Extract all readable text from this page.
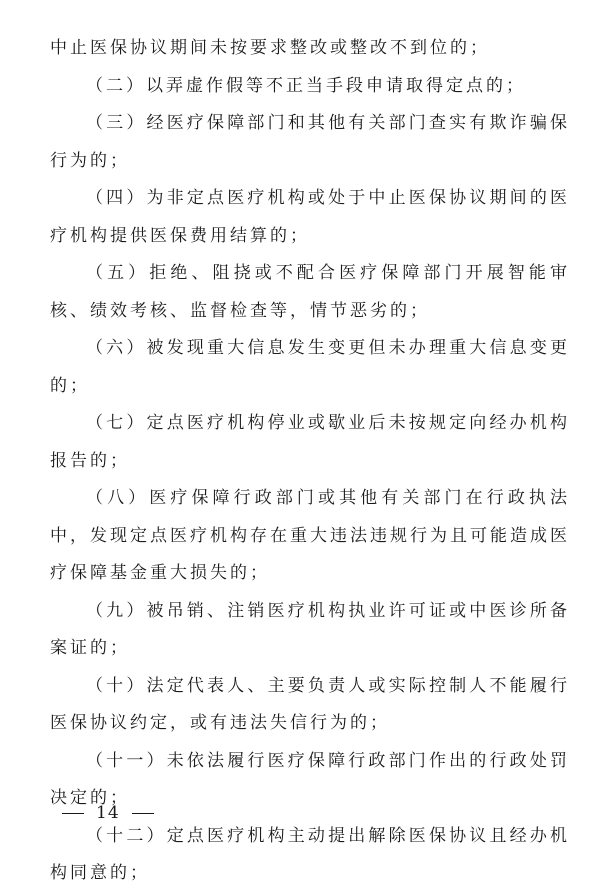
中止医保协议期间未按要求整改或整改不到位的；

（二）以弄虚作假等不正当手段申请取得定点的；

（三）经医疗保障部门和其他有关部门查实有欺诈骗保行为的；

（四）为非定点医疗机构或处于中止医保协议期间的医疗机构提供医保费用结算的；

（五）拒绝、阻挠或不配合医疗保障部门开展智能审核、绩效考核、监督检查等，情节恶劣的；

（六）被发现重大信息发生变更但未办理重大信息变更的；

（七）定点医疗机构停业或歇业后未按规定向经办机构报告的；

（八）医疗保障行政部门或其他有关部门在行政执法中，发现定点医疗机构存在重大违法违规行为且可能造成医疗保障基金重大损失的；

（九）被吊销、注销医疗机构执业许可证或中医诊所备案证的；

（十）法定代表人、主要负责人或实际控制人不能履行医保协议约定，或有违法失信行为的；

（十一）未依法履行医疗保障行政部门作出的行政处罚决定的；

（十二）定点医疗机构主动提出解除医保协议且经办机构同意的；

14
